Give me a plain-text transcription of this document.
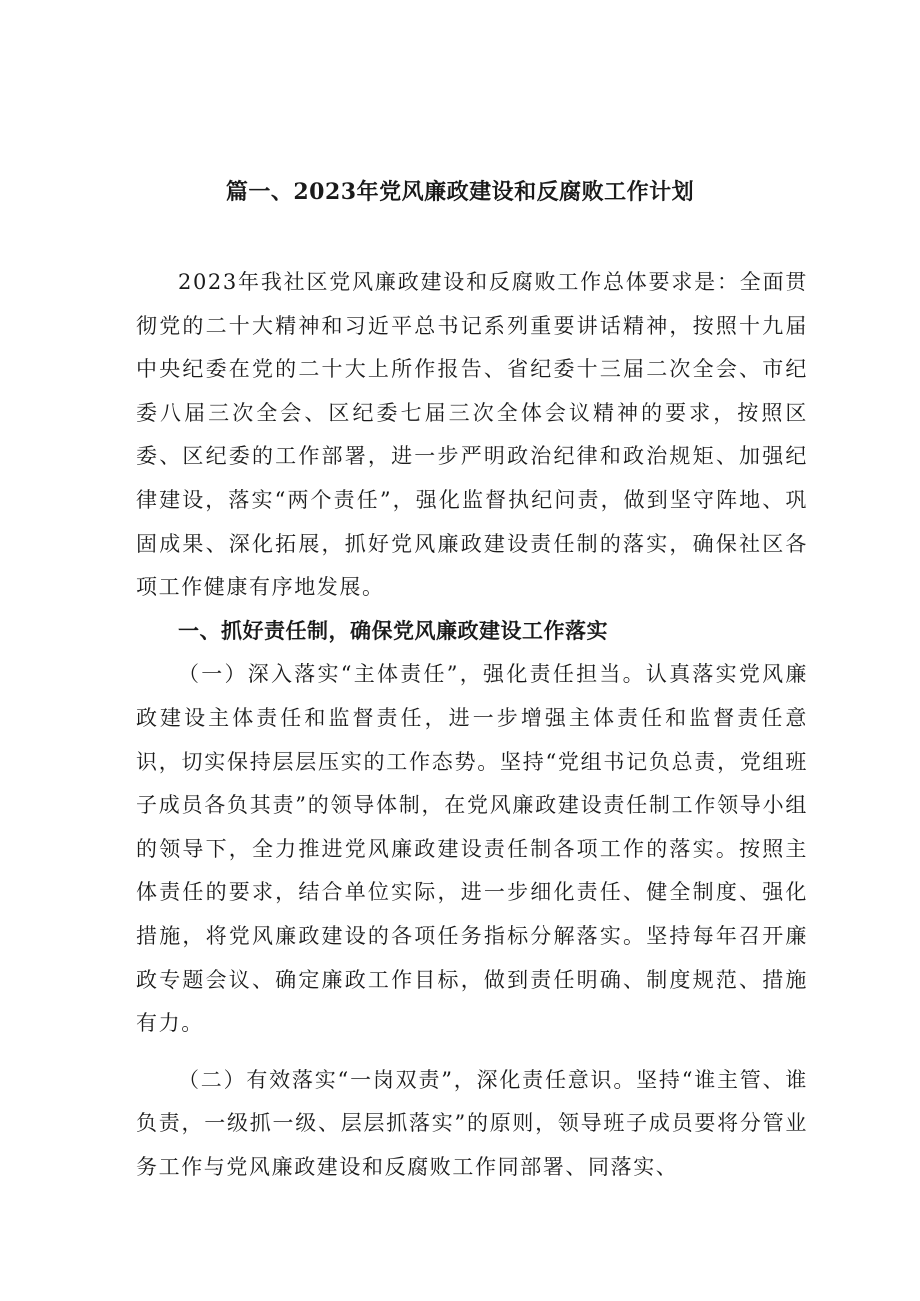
篇一、2023年党风廉政建设和反腐败工作计划

2023年我社区党风廉政建设和反腐败工作总体要求是：全面贯彻党的二十大精神和习近平总书记系列重要讲话精神，按照十九届中央纪委在党的二十大上所作报告、省纪委十三届二次全会、市纪委八届三次全会、区纪委七届三次全体会议精神的要求，按照区委、区纪委的工作部署，进一步严明政治纪律和政治规矩、加强纪律建设，落实“两个责任”，强化监督执纪问责，做到坚守阵地、巩固成果、深化拓展，抓好党风廉政建设责任制的落实，确保社区各项工作健康有序地发展。

一、抓好责任制，确保党风廉政建设工作落实

（一）深入落实“主体责任”，强化责任担当。认真落实党风廉政建设主体责任和监督责任，进一步增强主体责任和监督责任意识，切实保持层层压实的工作态势。坚持“党组书记负总责，党组班子成员各负其责”的领导体制，在党风廉政建设责任制工作领导小组的领导下，全力推进党风廉政建设责任制各项工作的落实。按照主体责任的要求，结合单位实际，进一步细化责任、健全制度、强化措施，将党风廉政建设的各项任务指标分解落实。坚持每年召开廉政专题会议、确定廉政工作目标，做到责任明确、制度规范、措施有力。

（二）有效落实“一岗双责”，深化责任意识。坚持“谁主管、谁负责，一级抓一级、层层抓落实”的原则，领导班子成员要将分管业务工作与党风廉政建设和反腐败工作同部署、同落实、
